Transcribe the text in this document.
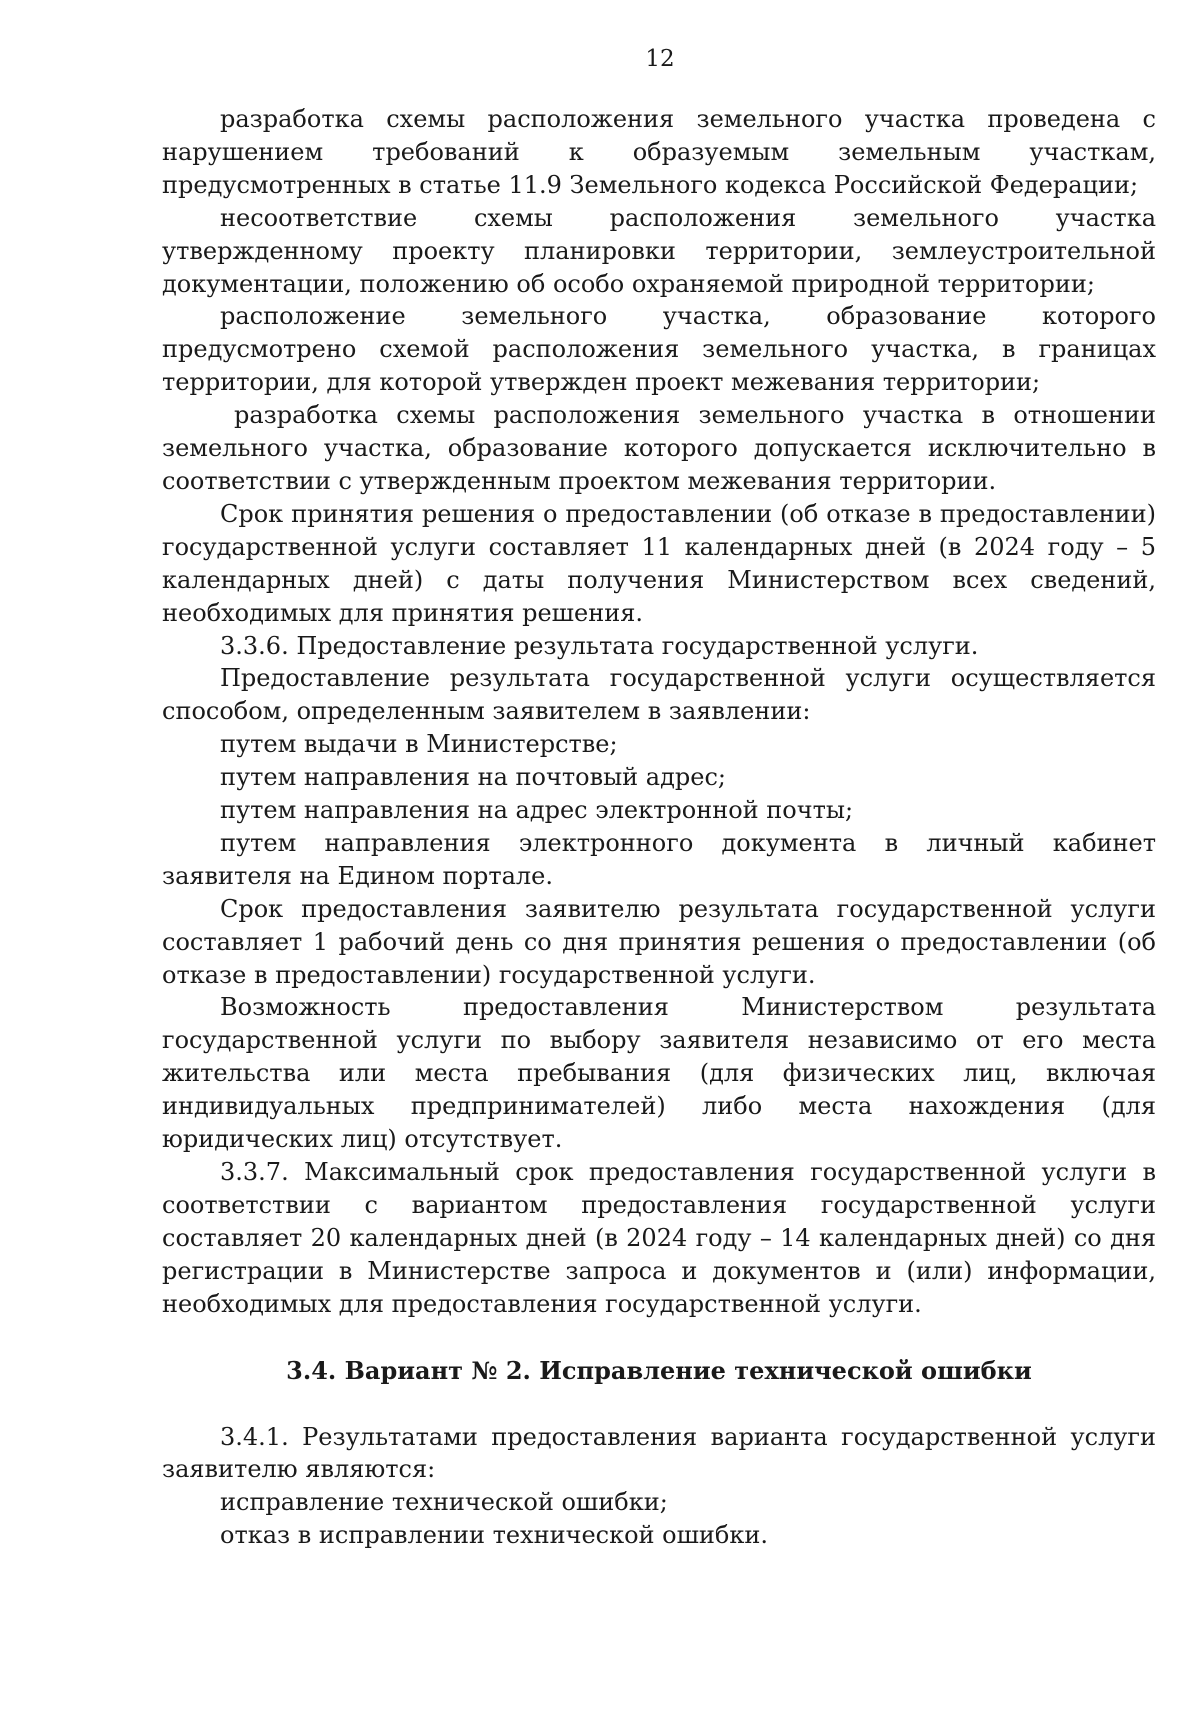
12

разработка схемы расположения земельного участка проведена с нарушением требований к образуемым земельным участкам, предусмотренных в статье 11.9 Земельного кодекса Российской Федерации;

несоответствие схемы расположения земельного участка утвержденному проекту планировки территории, землеустроительной документации, положению об особо охраняемой природной территории;

расположение земельного участка, образование которого предусмотрено схемой расположения земельного участка, в границах территории, для которой утвержден проект межевания территории;

разработка схемы расположения земельного участка в отношении земельного участка, образование которого допускается исключительно в соответствии с утвержденным проектом межевания территории.

Срок принятия решения о предоставлении (об отказе в предоставлении) государственной услуги составляет 11 календарных дней (в 2024 году – 5 календарных дней) с даты получения Министерством всех сведений, необходимых для принятия решения.

3.3.6. Предоставление результата государственной услуги.

Предоставление результата государственной услуги осуществляется способом, определенным заявителем в заявлении:

путем выдачи в Министерстве;

путем направления на почтовый адрес;

путем направления на адрес электронной почты;

путем направления электронного документа в личный кабинет заявителя на Едином портале.

Срок предоставления заявителю результата государственной услуги составляет 1 рабочий день со дня принятия решения о предоставлении (об отказе в предоставлении) государственной услуги.

Возможность предоставления Министерством результата государственной услуги по выбору заявителя независимо от его места жительства или места пребывания (для физических лиц, включая индивидуальных предпринимателей) либо места нахождения (для юридических лиц) отсутствует.

3.3.7. Максимальный срок предоставления государственной услуги в соответствии с вариантом предоставления государственной услуги составляет 20 календарных дней (в 2024 году – 14 календарных дней) со дня регистрации в Министерстве запроса и документов и (или) информации, необходимых для предоставления государственной услуги.

3.4. Вариант № 2. Исправление технической ошибки

3.4.1. Результатами предоставления варианта государственной услуги заявителю являются:

исправление технической ошибки;

отказ в исправлении технической ошибки.
